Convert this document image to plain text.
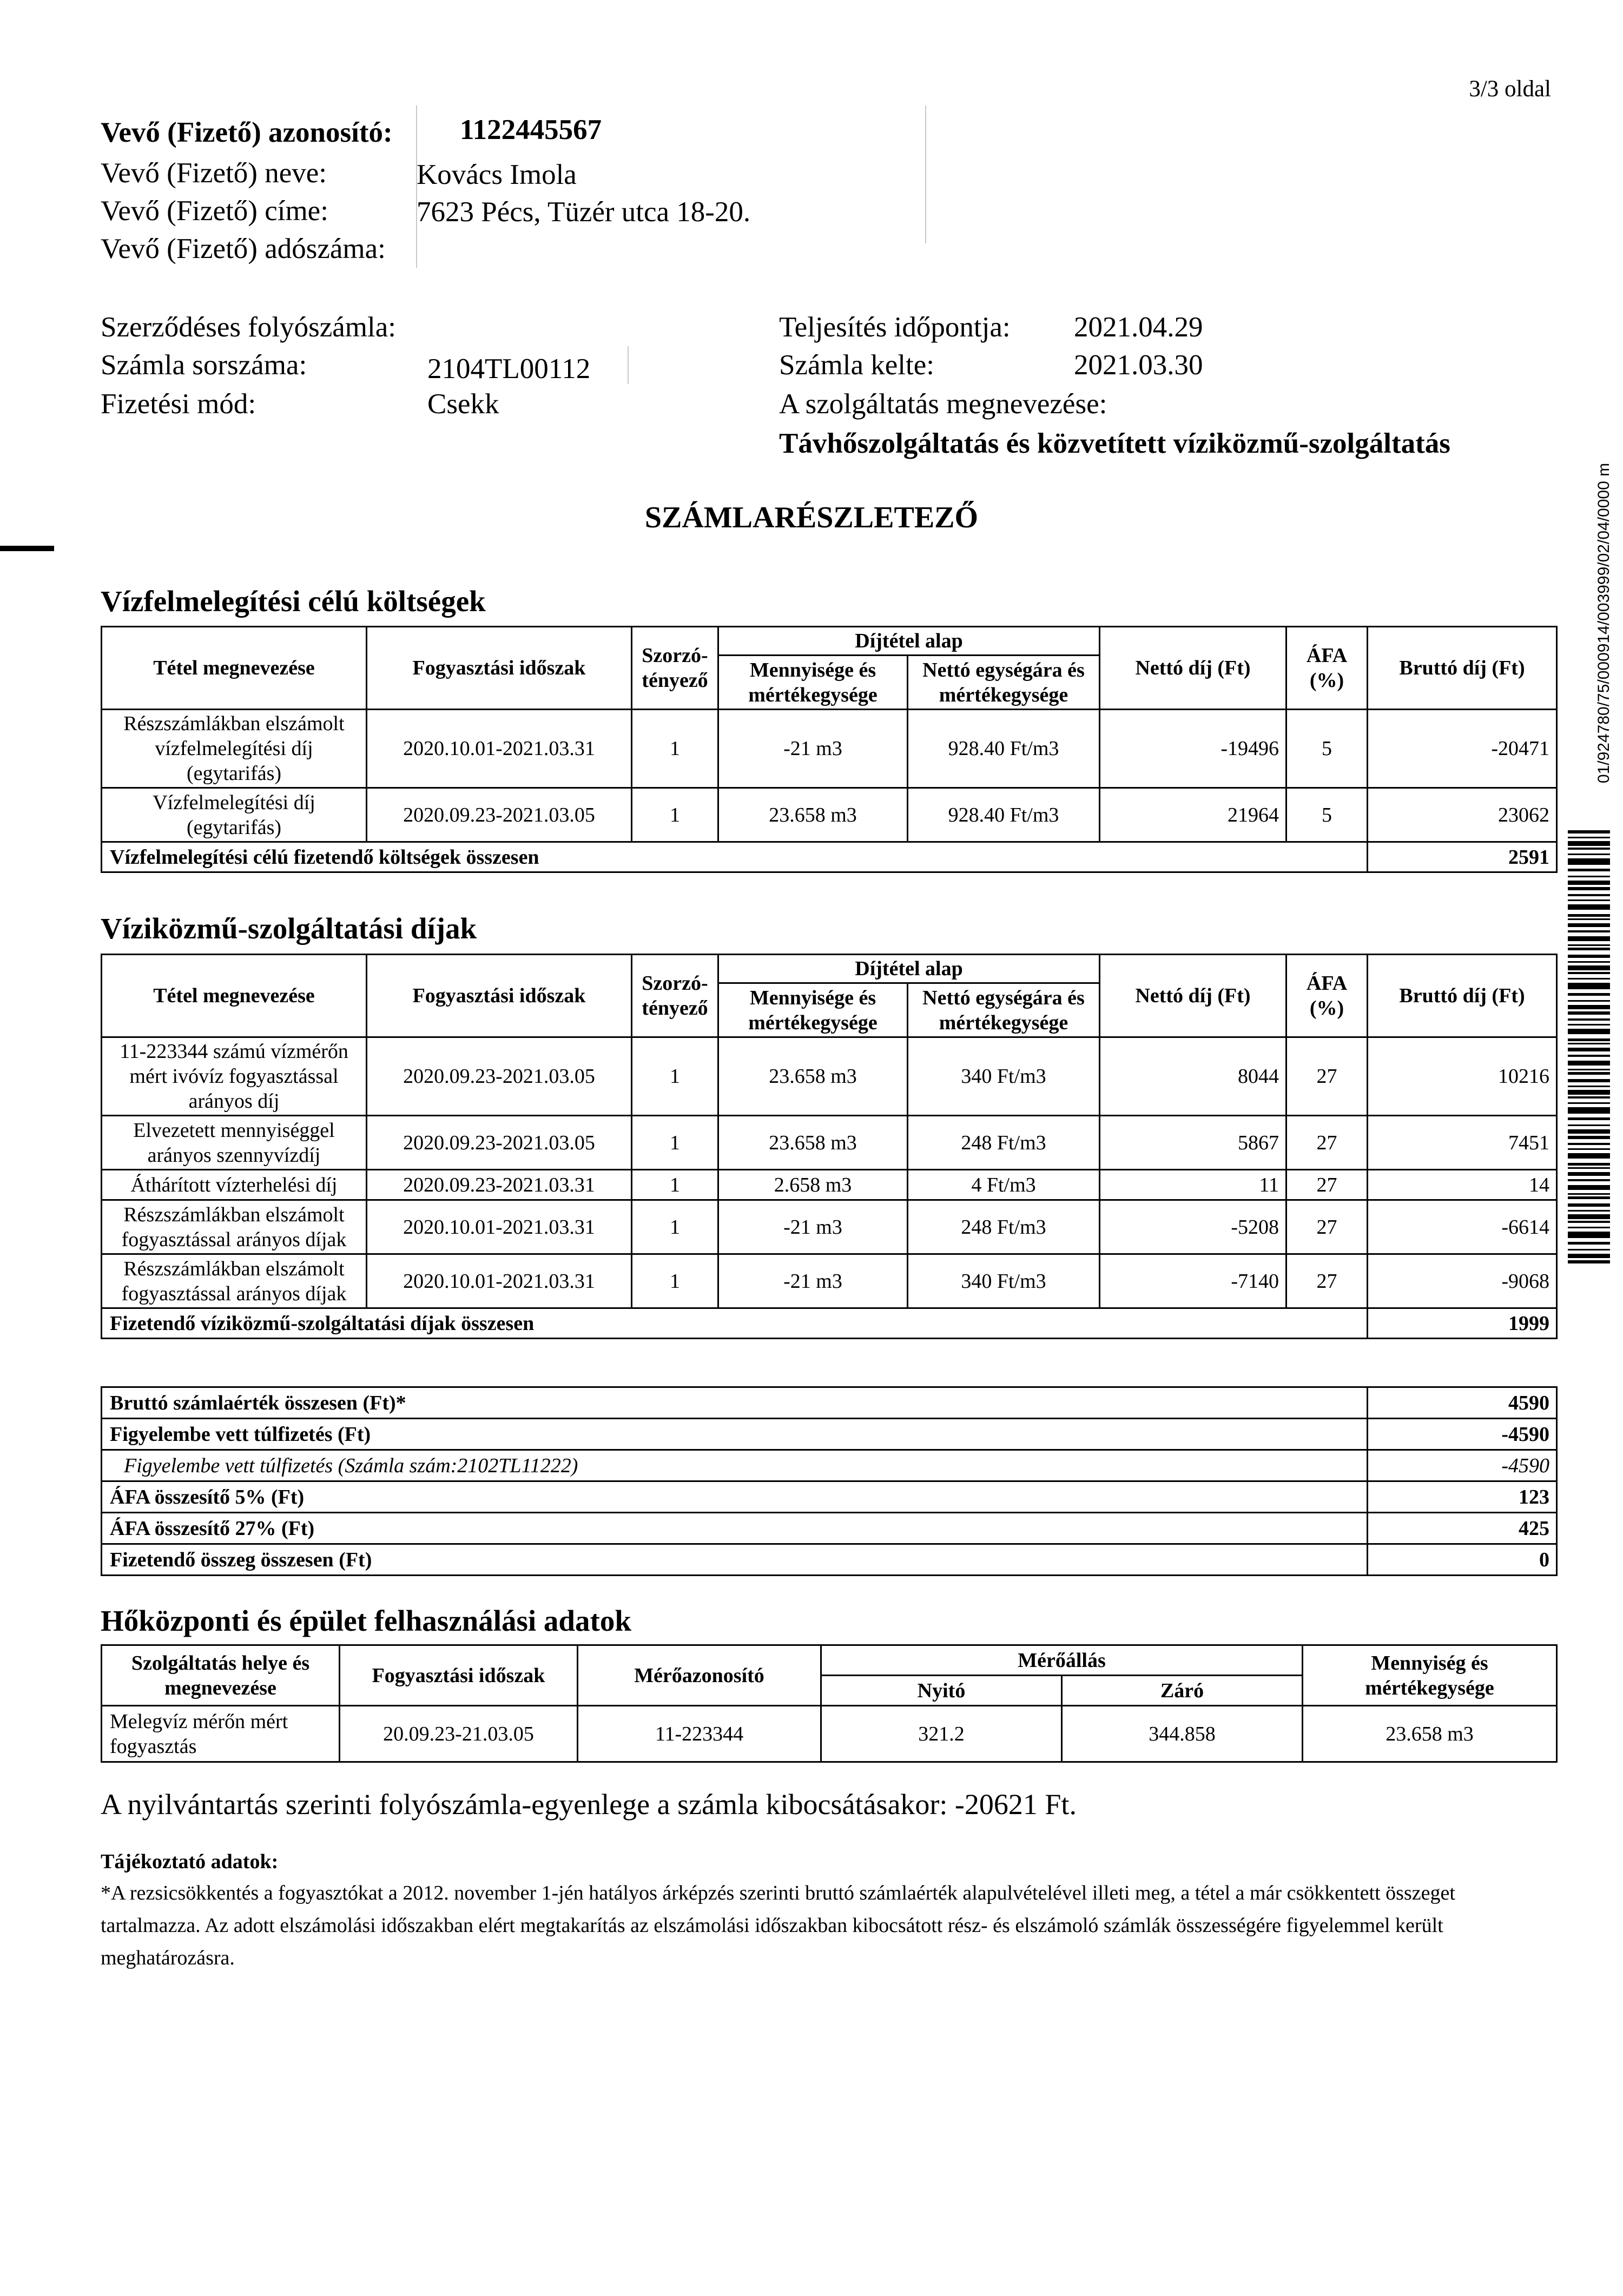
3/3 oldal
01/924780/75/000914/003999/02/04/0000 m
Vevő (Fizető) azonosító: 1122445567
Vevő (Fizető) neve:	Kovács Imola
Vevő (Fizető) címe:	7623 Pécs, Tüzér utca 18-20.
Vevő (Fizető) adószáma:
Szerződéses folyószámla:
Számla sorszáma:	2104TL00112
Fizetési mód:	Csekk
Teljesítés időpontja: 2021.04.29
Számla kelte:	2021.03.30
A szolgáltatás megnevezése:
Távhőszolgáltatás és közvetített víziközmű-szolgáltatás
SZÁMLARÉSZLETEZŐ
Vízfelmelegítési célú költségek
Tétel megnevezése	Fogyasztási időszak	Szorzó-tényező	Díjtétel alap		Nettó díj (Ft)	ÁFA (%)	Bruttó díj (Ft)
			Mennyisége és mértékegysége	Nettó egységára és mértékegysége			
Részszámlákban elszámolt vízfelmelegítési díj (egytarifás)	2020.10.01-2021.03.31	1	-21 m3	928.40 Ft/m3	-19496	5	-20471
Vízfelmelegítési díj (egytarifás)	2020.09.23-2021.03.05	1	23.658 m3	928.40 Ft/m3	21964	5	23062
Vízfelmelegítési célú fizetendő költségek összesen							2591
Víziközmű-szolgáltatási díjak
Tétel megnevezése	Fogyasztási időszak	Szorzó-tényező	Díjtétel alap		Nettó díj (Ft)	ÁFA (%)	Bruttó díj (Ft)
			Mennyisége és mértékegysége	Nettó egységára és mértékegysége			
11-223344 számú vízmérőn mért ivóvíz fogyasztással arányos díj	2020.09.23-2021.03.05	1	23.658 m3	340 Ft/m3	8044	27	10216
Elvezetett mennyiséggel arányos szennyvízdíj	2020.09.23-2021.03.05	1	23.658 m3	248 Ft/m3	5867	27	7451
Áthárított vízterhelési díj	2020.09.23-2021.03.31	1	2.658 m3	4 Ft/m3	11	27	14
Részszámlákban elszámolt fogyasztással arányos díjak	2020.10.01-2021.03.31	1	-21 m3	248 Ft/m3	-5208	27	-6614
Részszámlákban elszámolt fogyasztással arányos díjak	2020.10.01-2021.03.31	1	-21 m3	340 Ft/m3	-7140	27	-9068
Fizetendő víziközmű-szolgáltatási díjak összesen							1999
Bruttó számlaérték összesen (Ft)*	4590
Figyelembe vett túlfizetés (Ft)	-4590
Figyelembe vett túlfizetés (Számla szám:2102TL11222)	-4590
ÁFA összesítő 5% (Ft)	123
ÁFA összesítő 27% (Ft)	425
Fizetendő összeg összesen (Ft)	0
Hőközponti és épület felhasználási adatok
Szolgáltatás helye és megnevezése	Fogyasztási időszak	Mérőazonosító	Mérőállás		Mennyiség és mértékegysége
			Nyitó	Záró	
Melegvíz mérőn mért fogyasztás	20.09.23-21.03.05	11-223344	321.2	344.858	23.658 m3
A nyilvántartás szerinti folyószámla-egyenlege a számla kibocsátásakor: -20621 Ft.
Tájékoztató adatok:
*A rezsicsökkentés a fogyasztókat a 2012. november 1-jén hatályos árképzés szerinti bruttó számlaérték alapulvételével illeti meg, a tétel a már csökkentett összeget tartalmazza. Az adott elszámolási időszakban elért megtakarítás az elszámolási időszakban kibocsátott rész- és elszámoló számlák összességére figyelemmel került meghatározásra.
